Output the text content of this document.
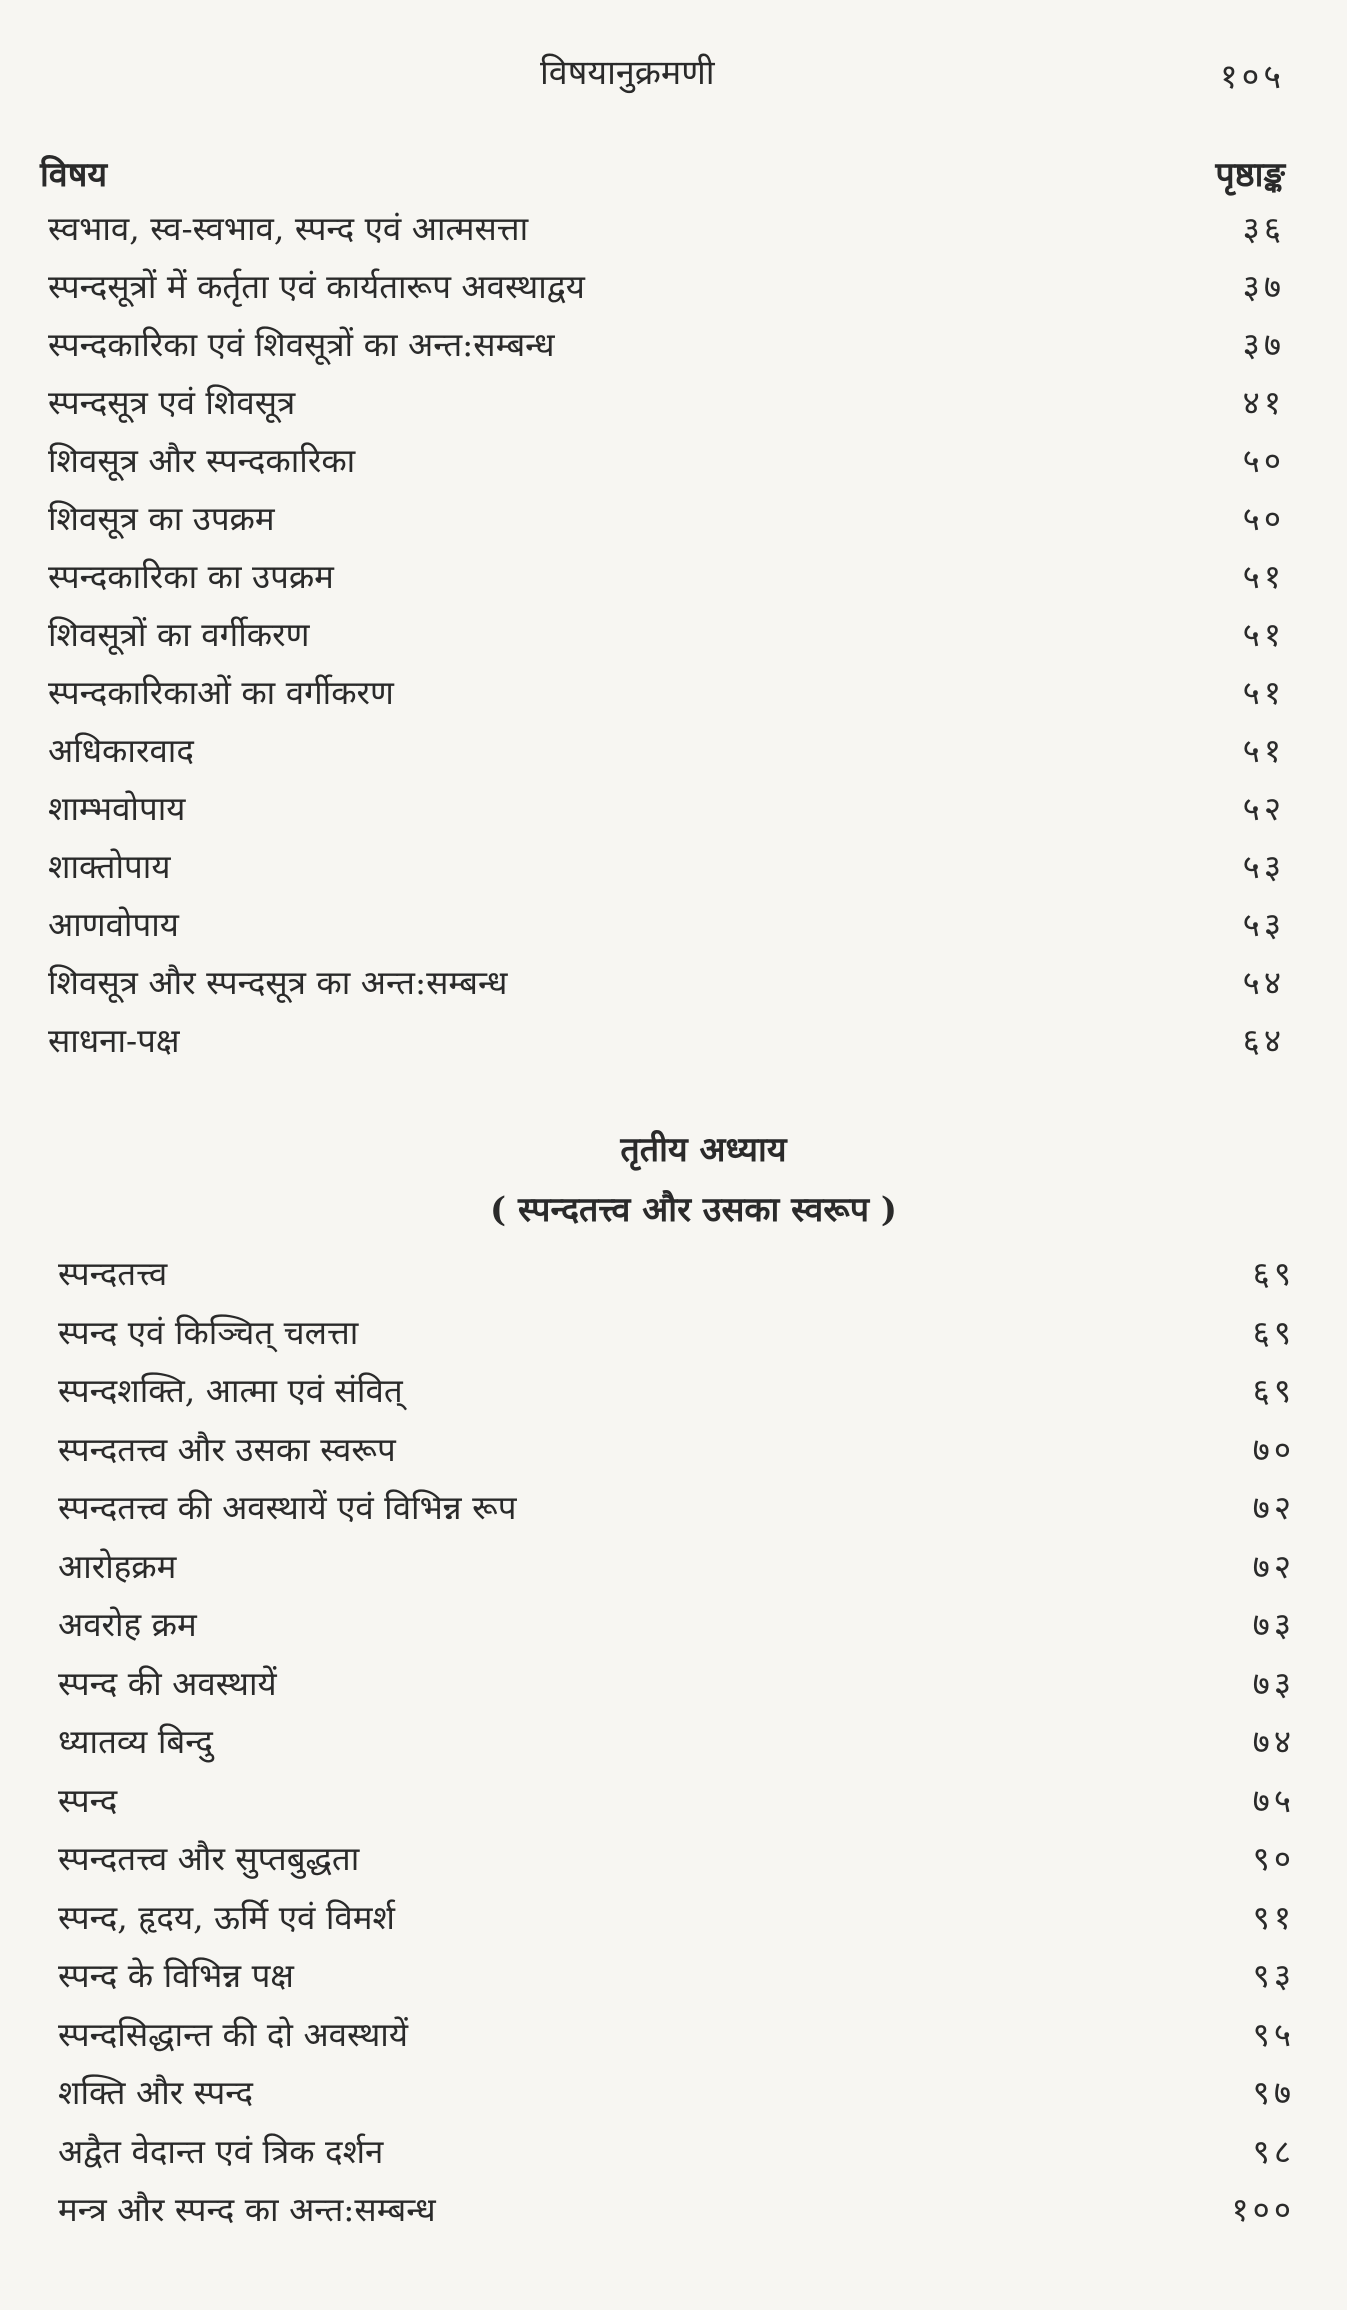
विषयानुक्रमणी	१०५
विषय	पृष्ठाङ्क
स्वभाव, स्व-स्वभाव, स्पन्द एवं आत्मसत्ता	३६
स्पन्दसूत्रों में कर्तृता एवं कार्यतारूप अवस्थाद्वय	३७
स्पन्दकारिका एवं शिवसूत्रों का अन्त:सम्बन्ध	३७
स्पन्दसूत्र एवं शिवसूत्र	४१
शिवसूत्र और स्पन्दकारिका	५०
शिवसूत्र का उपक्रम	५०
स्पन्दकारिका का उपक्रम	५१
शिवसूत्रों का वर्गीकरण	५१
स्पन्दकारिकाओं का वर्गीकरण	५१
अधिकारवाद	५१
शाम्भवोपाय	५२
शाक्तोपाय	५३
आणवोपाय	५३
शिवसूत्र और स्पन्दसूत्र का अन्त:सम्बन्ध	५४
साधना-पक्ष	६४
तृतीय अध्याय
( स्पन्दतत्त्व और उसका स्वरूप )
स्पन्दतत्त्व	६९
स्पन्द एवं किञ्चित् चलत्ता	६९
स्पन्दशक्ति, आत्मा एवं संवित्	६९
स्पन्दतत्त्व और उसका स्वरूप	७०
स्पन्दतत्त्व की अवस्थायें एवं विभिन्न रूप	७२
आरोहक्रम	७२
अवरोह क्रम	७३
स्पन्द की अवस्थायें	७३
ध्यातव्य बिन्दु	७४
स्पन्द	७५
स्पन्दतत्त्व और सुप्तबुद्धता	९०
स्पन्द, हृदय, ऊर्मि एवं विमर्श	९१
स्पन्द के विभिन्न पक्ष	९३
स्पन्दसिद्धान्त की दो अवस्थायें	९५
शक्ति और स्पन्द	९७
अद्वैत वेदान्त एवं त्रिक दर्शन	९८
मन्त्र और स्पन्द का अन्त:सम्बन्ध	१००
